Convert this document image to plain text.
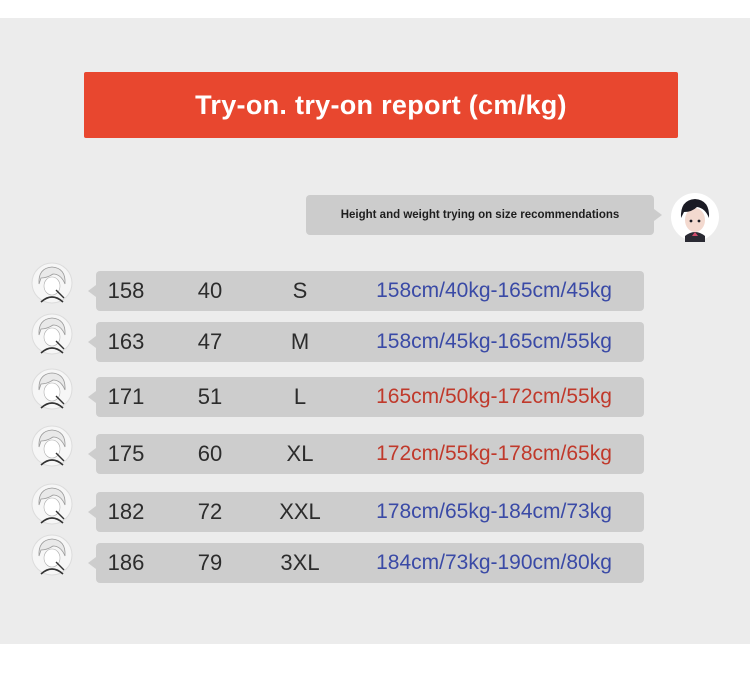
Try-on. try-on report (cm/kg)
Height and weight trying on size recommendations
158	40	S	158cm/40kg-165cm/45kg
163	47	M	158cm/45kg-165cm/55kg
171	51	L	165cm/50kg-172cm/55kg
175	60	XL	172cm/55kg-178cm/65kg
182	72	XXL	178cm/65kg-184cm/73kg
186	79	3XL	184cm/73kg-190cm/80kg
